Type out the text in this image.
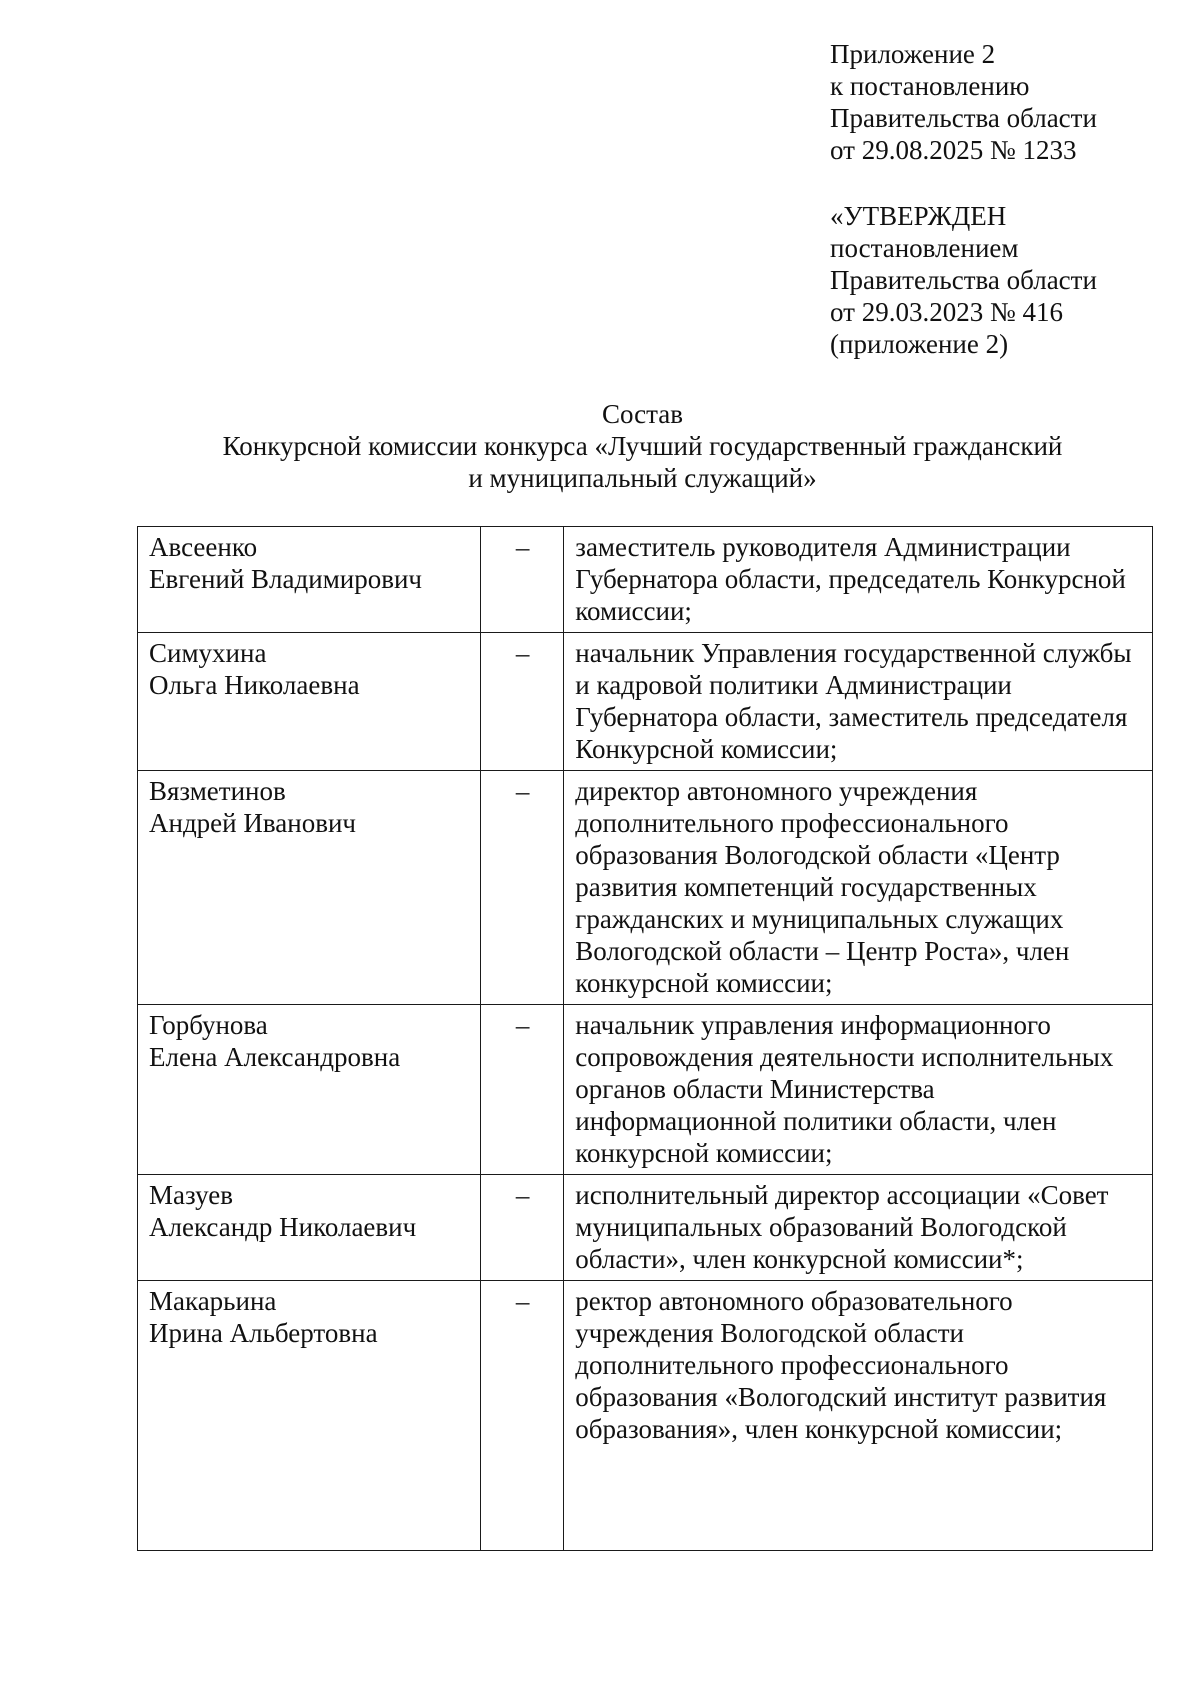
Приложение 2
к постановлению
Правительства области
от 29.08.2025 № 1233
«УТВЕРЖДЕН
постановлением
Правительства области
от 29.03.2023 № 416
(приложение 2)
Состав
Конкурсной комиссии конкурса «Лучший государственный гражданский
и муниципальный служащий»
Авсеенко
Евгений Владимирович	–	заместитель руководителя Администрации Губернатора области, председатель Конкурсной комиссии;

Симухина
Ольга Николаевна	–	начальник Управления государственной службы и кадровой политики Администрации Губернатора области, заместитель председателя Конкурсной комиссии;

Вязметинов
Андрей Иванович	–	директор автономного учреждения дополнительного профессионального образования Вологодской области «Центр развития компетенций государственных гражданских и муниципальных служащих Вологодской области – Центр Роста», член конкурсной комиссии;

Горбунова
Елена Александровна	–	начальник управления информационного сопровождения деятельности исполнительных органов области Министерства информационной политики области, член конкурсной комиссии;

Мазуев
Александр Николаевич	–	исполнительный директор ассоциации «Совет муниципальных образований Вологодской области», член конкурсной комиссии*;

Макарьина
Ирина Альбертовна	–	ректор автономного образовательного учреждения Вологодской области дополнительного профессионального образования «Вологодский институт развития образования», член конкурсной комиссии;
